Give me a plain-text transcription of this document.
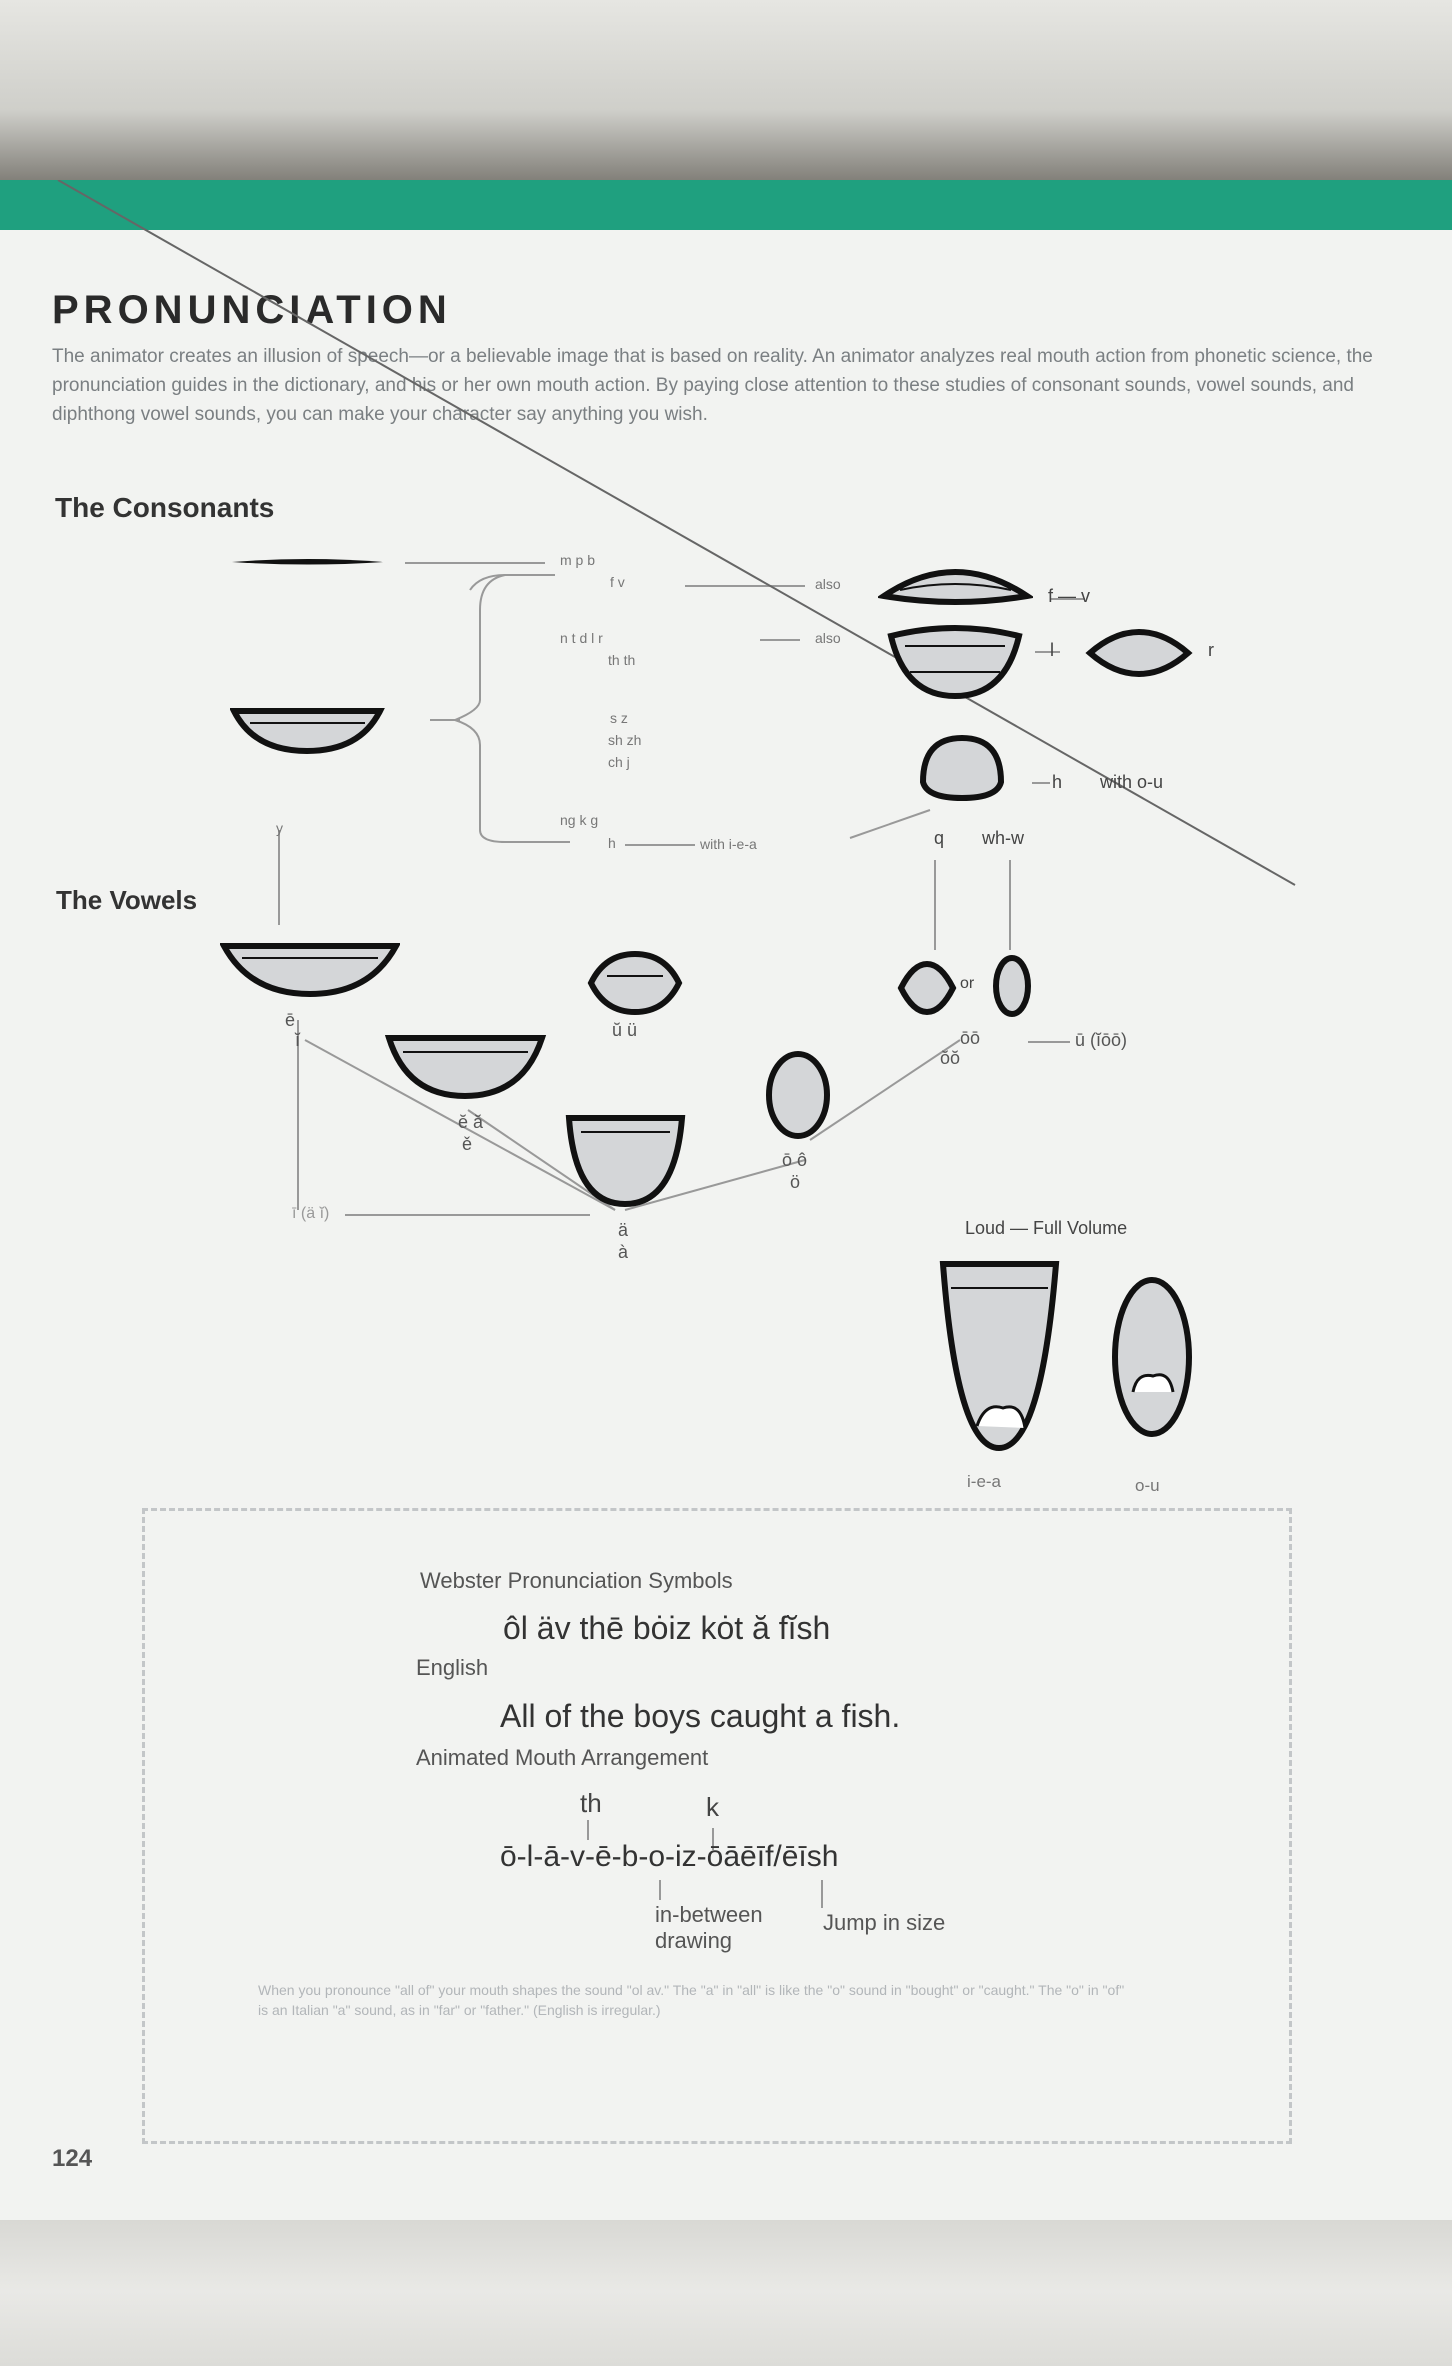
PRONUNCIATION
The animator creates an illusion of speech—or a believable image that is based on reality. An animator analyzes real mouth action from phonetic science, the pronunciation guides in the dictionary, and his or her own mouth action. By paying close attention to these studies of consonant sounds, vowel sounds, and diphthong vowel sounds, you can make your character say anything you wish.
The Consonants
m p b
f v	also
n t d l r
th th
also
s z
sh zh
ch j
ng k g
h	with i-e-a
y
f — v
l	r
h with o-u
q wh-w
The Vowels
ē
ĭ	ŭ ü
ĕ ă
ě
ä
à
ō ô
ö
or
ōō
ŏŏ
ū (ĭōō)
ī (ä ĭ)
Loud — Full Volume
i-e-a	o-u
Webster Pronunciation Symbols
ôl äv thē bȯiz kȯt ă fĭsh
English
All of the boys caught a fish.
Animated Mouth Arrangement
th	k
ō-l-ā-v-ē-b-o-iz-ōāēīf/ēīsh
in-between drawing
Jump in size
When you pronounce "all of" your mouth shapes the sound "ol av." The "a" in "all" is like the "o" sound in "bought" or "caught." The "o" in "of" is an Italian "a" sound, as in "far" or "father." (English is irregular.)
124
